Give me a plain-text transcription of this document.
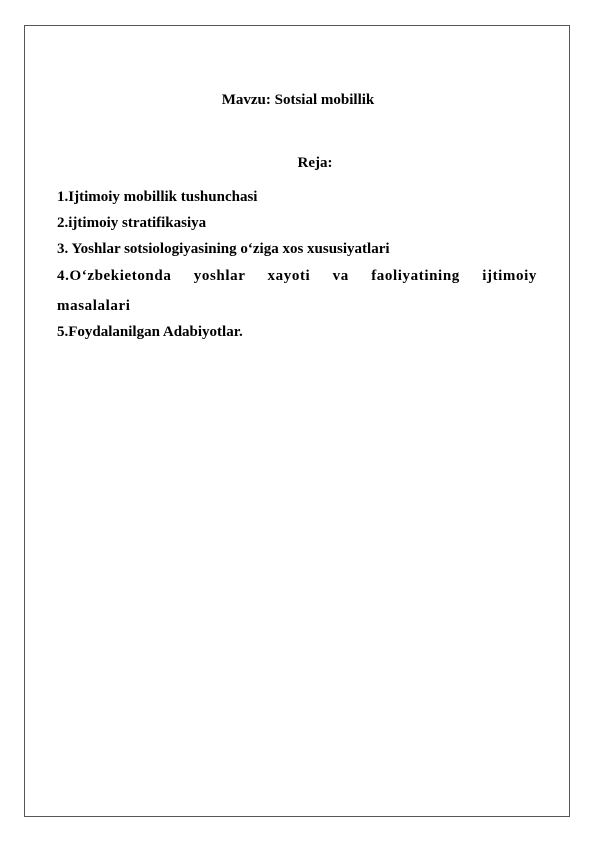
Mavzu: Sotsial mobillik
Reja:
1.Ijtimoiy mobillik tushunchasi
2.ijtimoiy stratifikasiya
3. Yoshlar sotsiologiyasining o‘ziga xos xususiyatlari
4.O‘zbekietonda yoshlar xayoti va faoliyatining ijtimoiy masalalari
5.Foydalanilgan Adabiyotlar.
